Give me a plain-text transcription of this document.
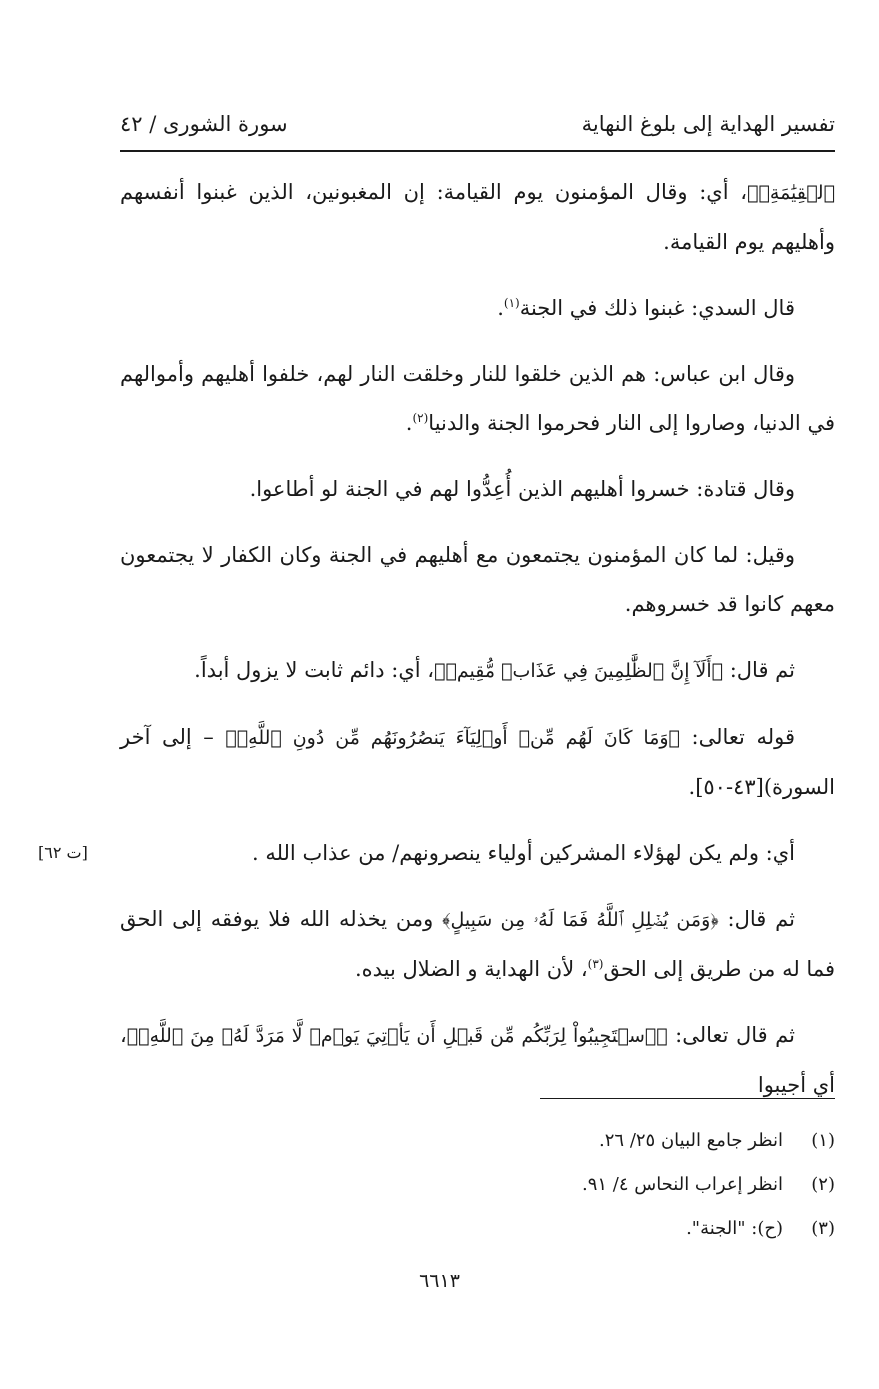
تفسير الهداية إلى بلوغ النهاية
سورة الشورى / ٤٢

ٱلۡقِيَٰمَةِۗ﴾، أي: وقال المؤمنون يوم القيامة: إن المغبونين، الذين غبنوا أنفسهم وأهليهم يوم القيامة.

قال السدي: غبنوا ذلك في الجنة$^{(١)}$.

وقال ابن عباس: هم الذين خلقوا للنار وخلقت النار لهم، خلفوا أهليهم وأموالهم في الدنيا، وصاروا إلى النار فحرموا الجنة والدنيا$^{(٢)}$.

وقال قتادة: خسروا أهليهم الذين أُعِدُّوا لهم في الجنة لو أطاعوا.

وقيل: لما كان المؤمنون يجتمعون مع أهليهم في الجنة وكان الكفار لا يجتمعون معهم كانوا قد خسروهم.

ثم قال: ﴿أَلَآ إِنَّ ٱلظَّٰلِمِينَ فِي عَذَابٖ مُّقِيمٖ﴾، أي: دائم ثابت لا يزول أبداً.

قوله تعالى: ﴿وَمَا كَانَ لَهُم مِّنۡ أَوۡلِيَآءَ يَنصُرُونَهُم مِّن دُونِ ٱللَّهِۗ﴾ – إلى آخر السورة)[٤٣-٥٠].

أي: ولم يكن لهؤلاء المشركين أولياء ينصرونهم/ من عذاب الله .

ثم قال: ﴿وَمَن يُضۡلِلِ ٱللَّهُ فَمَا لَهُۥ مِن سَبِيلٍ﴾ ومن يخذله الله فلا يوفقه إلى الحق فما له من طريق إلى الحق$^{(٣)}$، لأن الهداية و الضلال بيده.

ثم قال تعالى: ﴿ٱسۡتَجِيبُواْ لِرَبِّكُم مِّن قَبۡلِ أَن يَأۡتِيَ يَوۡمٞ لَّا مَرَدَّ لَهُۥ مِنَ ٱللَّهِۚ﴾، أي أجيبوا

[ت ٦٢]
(١)
انظر جامع البيان ٢٥/ ٢٦.
(٢)
انظر إعراب النحاس ٤/ ٩١.
(٣)
(ح): "الجنة".
٦٦١٣
